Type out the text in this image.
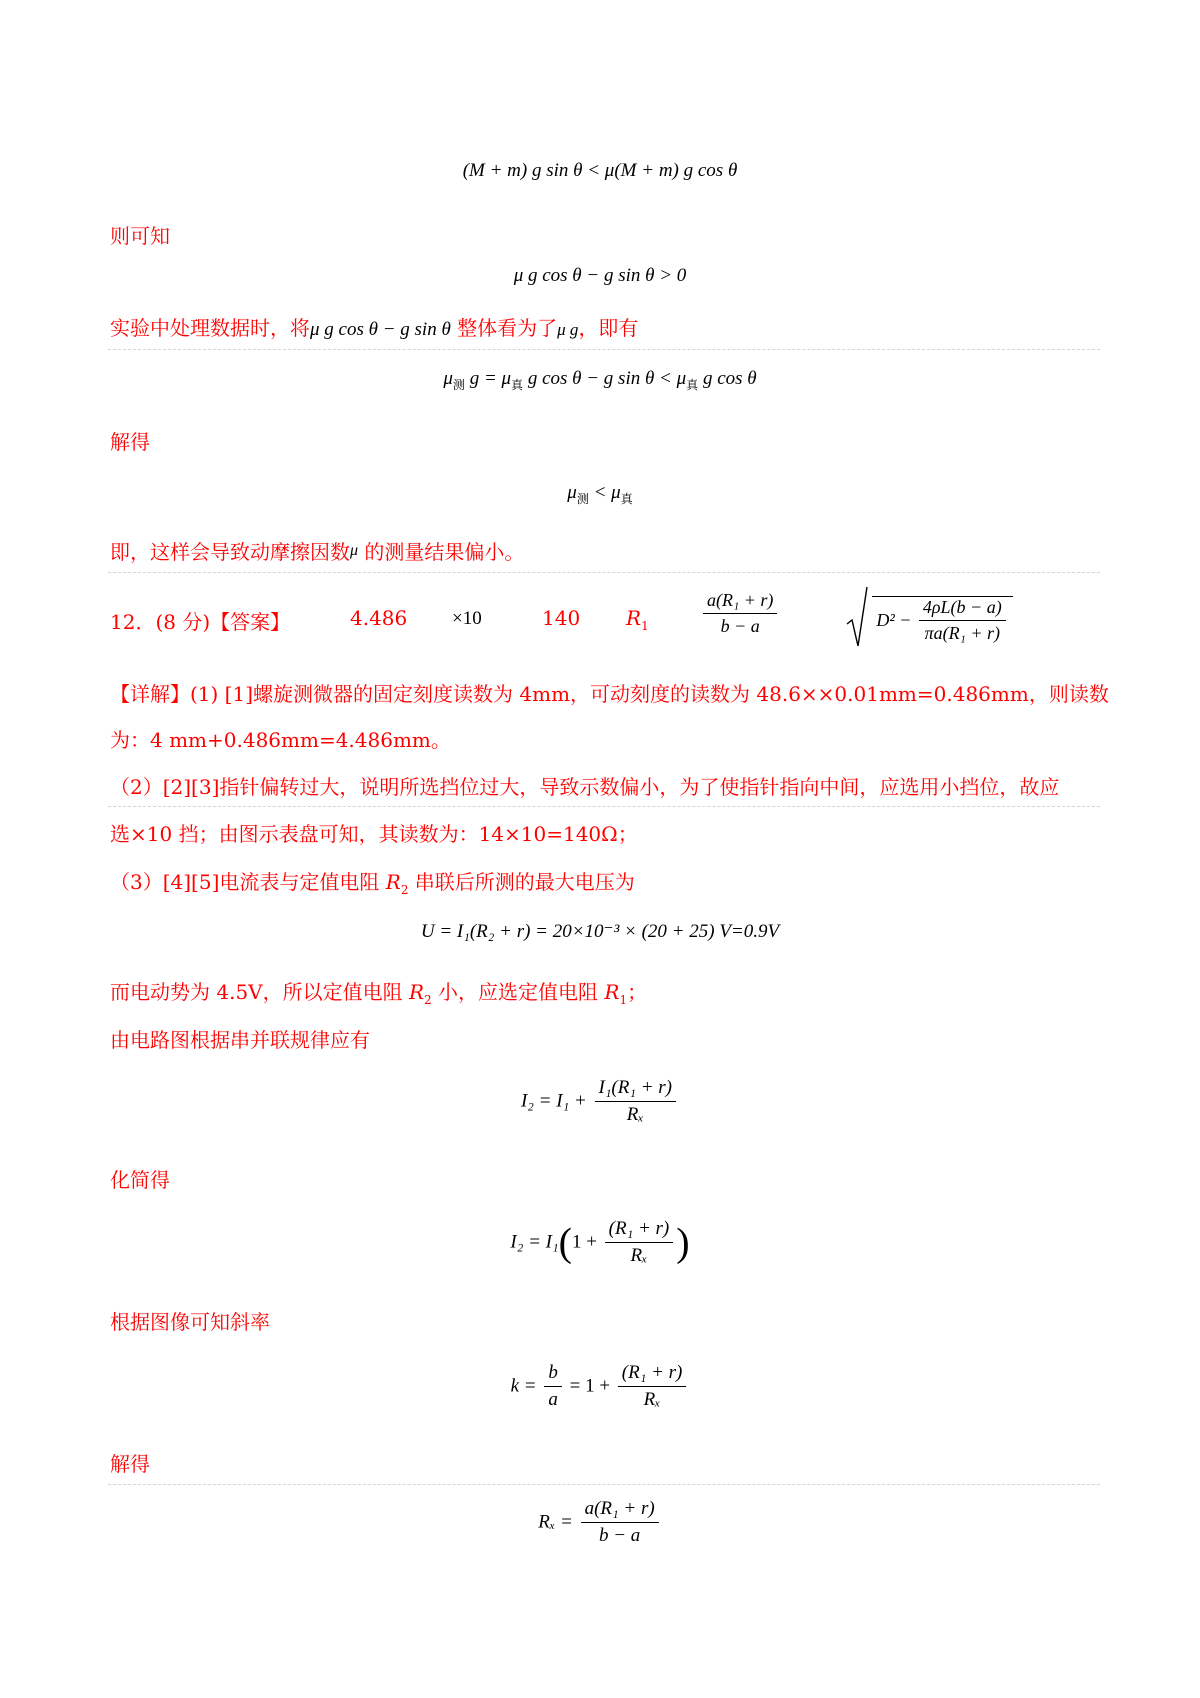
(M + m) g sin θ < μ(M + m) g cos θ
则可知
μ g cos θ − g sin θ > 0
实验中处理数据时，将μ g cos θ − g sin θ 整体看为了μ g，即有
$\mu_测$ $g = \mu_真$ g cos θ − g $\sin \theta < \mu_真$ g cos θ
解得
$\mu_测 < \mu_真$
即，这样会导致动摩擦因数$^\mu$ 的测量结果偏小。
12．(8 分)【答案】	4.486 ×10	140 $R_1$	$\frac{\text{a(R₁ + r)}}{b - a}$	$D^2 - \frac{4\rho L(b - a)}{\text{πa(R₁ + r)}}$
【详解】(1) [1]螺旋测微器的固定刻度读数为 4mm，可动刻度的读数为 48.6××0.01mm=0.486mm，则读数
为：4 mm+0.486mm=4.486mm。
（2）[2][3]指针偏转过大，说明所选挡位过大，导致示数偏小，为了使指针指向中间，应选用小挡位，故应
选×10 挡；由图示表盘可知，其读数为：14×10=140Ω；
（3）[4][5]电流表与定值电阻 $R_2$ 串联后所测的最大电压为
U = I₁(R₂ + r) = 20×10⁻³ × (20 + 25) V=0.9V
而电动势为 4.5V，所以定值电阻 $R_2$ 小，应选定值电阻 $R_1$；
由电路图根据串并联规律应有
$I_2 = I_1 + \frac{\text{I₁(R₁ + r)}}{\text{Rₓ}}$
化简得
$I_2 = I_1(1 + \frac{\text{(R₁ + r)}}{\text{Rₓ}}$ )
根据图像可知斜率
$k = \frac{b}{a} = 1 + \frac{\text{(R₁ + r)}}{\text{Rₓ}}$
解得
$R_x = \frac{\text{a(R₁ + r)}}{b - a}$
